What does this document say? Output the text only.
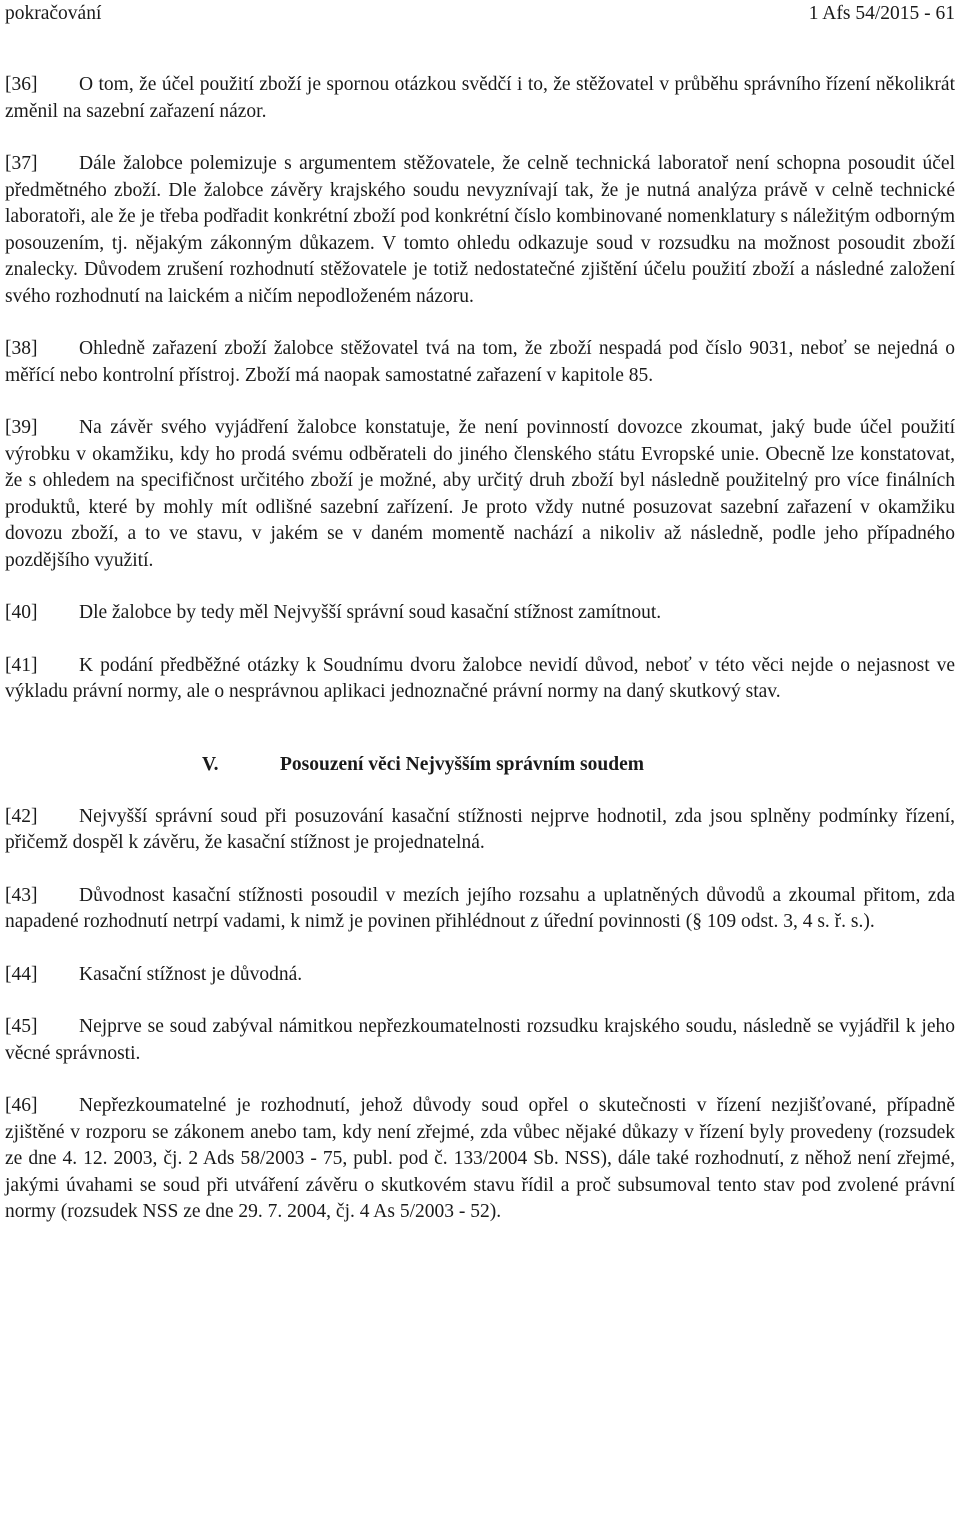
pokračování	1 Afs 54/2015 - 61

[36] O tom, že účel použití zboží je spornou otázkou svědčí i to, že stěžovatel v průběhu správního řízení několikrát změnil na sazební zařazení názor.

[37] Dále žalobce polemizuje s argumentem stěžovatele, že celně technická laboratoř není schopna posoudit účel předmětného zboží. Dle žalobce závěry krajského soudu nevyznívají tak, že je nutná analýza právě v celně technické laboratoři, ale že je třeba podřadit konkrétní zboží pod konkrétní číslo kombinované nomenklatury s náležitým odborným posouzením, tj. nějakým zákonným důkazem. V tomto ohledu odkazuje soud v rozsudku na možnost posoudit zboží znalecky. Důvodem zrušení rozhodnutí stěžovatele je totiž nedostatečné zjištění účelu použití zboží a následné založení svého rozhodnutí na laickém a ničím nepodloženém názoru.

[38] Ohledně zařazení zboží žalobce stěžovatel tvá na tom, že zboží nespadá pod číslo 9031, neboť se nejedná o měřící nebo kontrolní přístroj. Zboží má naopak samostatné zařazení v kapitole 85.

[39] Na závěr svého vyjádření žalobce konstatuje, že není povinností dovozce zkoumat, jaký bude účel použití výrobku v okamžiku, kdy ho prodá svému odběrateli do jiného členského státu Evropské unie. Obecně lze konstatovat, že s ohledem na specifičnost určitého zboží je možné, aby určitý druh zboží byl následně použitelný pro více finálních produktů, které by mohly mít odlišné sazební zařízení. Je proto vždy nutné posuzovat sazební zařazení v okamžiku dovozu zboží, a to ve stavu, v jakém se v daném momentě nachází a nikoliv až následně, podle jeho případného pozdějšího využití.

[40] Dle žalobce by tedy měl Nejvyšší správní soud kasační stížnost zamítnout.

[41] K podání předběžné otázky k Soudnímu dvoru žalobce nevidí důvod, neboť v této věci nejde o nejasnost ve výkladu právní normy, ale o nesprávnou aplikaci jednoznačné právní normy na daný skutkový stav.

V.	Posouzení věci Nejvyšším správním soudem

[42] Nejvyšší správní soud při posuzování kasační stížnosti nejprve hodnotil, zda jsou splněny podmínky řízení, přičemž dospěl k závěru, že kasační stížnost je projednatelná.

[43] Důvodnost kasační stížnosti posoudil v mezích jejího rozsahu a uplatněných důvodů a zkoumal přitom, zda napadené rozhodnutí netrpí vadami, k nimž je povinen přihlédnout z úřední povinnosti (§ 109 odst. 3, 4 s. ř. s.).

[44] Kasační stížnost je důvodná.

[45] Nejprve se soud zabýval námitkou nepřezkoumatelnosti rozsudku krajského soudu, následně se vyjádřil k jeho věcné správnosti.

[46] Nepřezkoumatelné je rozhodnutí, jehož důvody soud opřel o skutečnosti v řízení nezjišťované, případně zjištěné v rozporu se zákonem anebo tam, kdy není zřejmé, zda vůbec nějaké důkazy v řízení byly provedeny (rozsudek ze dne 4. 12. 2003, čj. 2 Ads 58/2003 - 75, publ. pod č. 133/2004 Sb. NSS), dále také rozhodnutí, z něhož není zřejmé, jakými úvahami se soud při utváření závěru o skutkovém stavu řídil a proč subsumoval tento stav pod zvolené právní normy (rozsudek NSS ze dne 29. 7. 2004, čj. 4 As 5/2003 - 52).
